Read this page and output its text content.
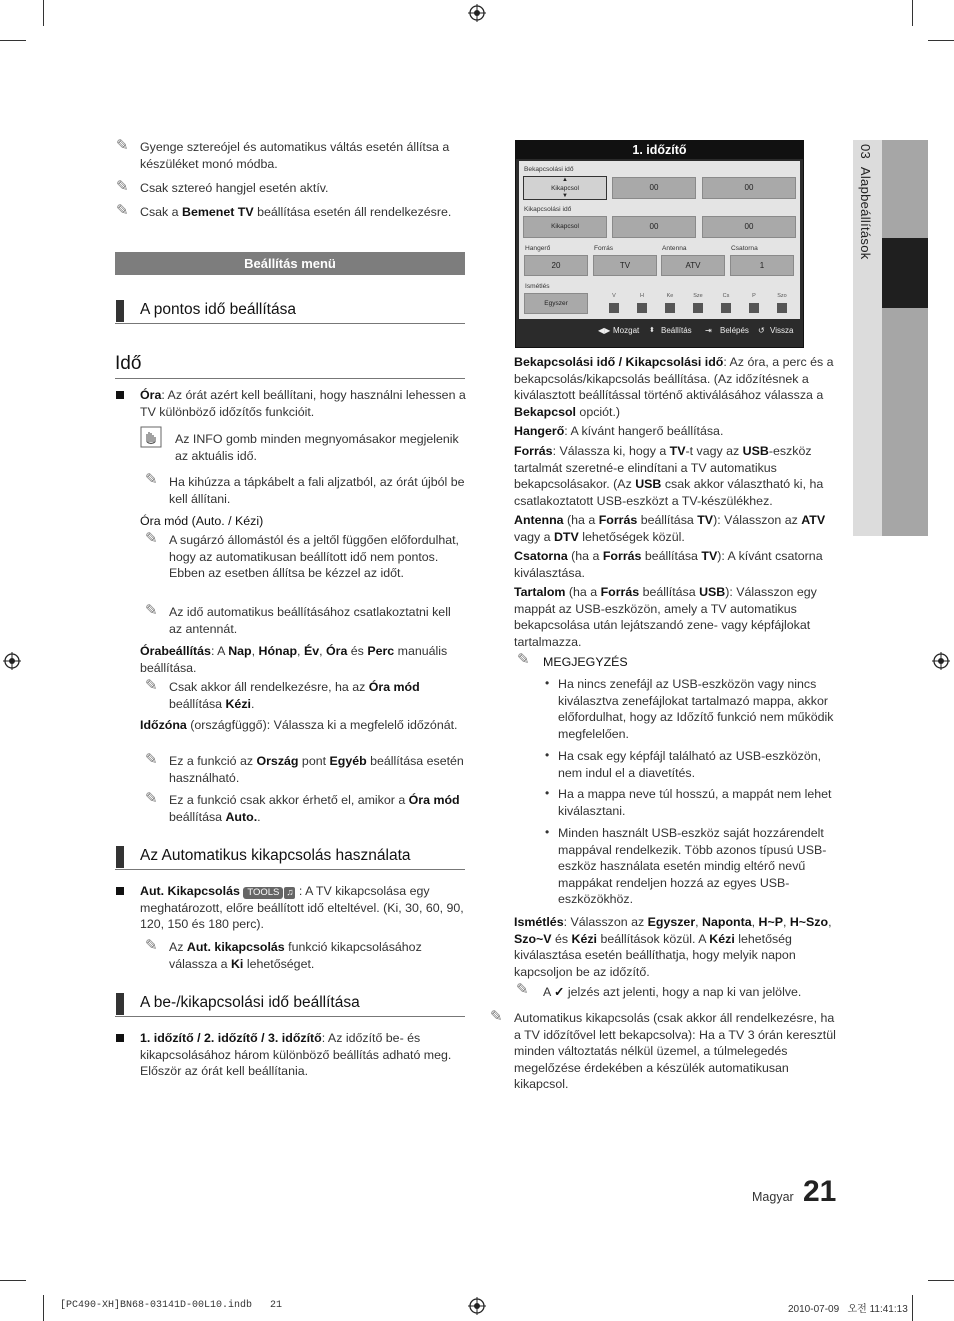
✎ Gyenge sztereójel és automatikus váltás esetén állítsa a készüléket monó módba.
✎ Csak sztereó hangjel esetén aktív.
✎ Csak a Bemenet TV beállítása esetén áll rendelkezésre.
Beállítás menü
A pontos idő beállítása
Idő
Óra: Az órát azért kell beállítani, hogy használni lehessen a TV különböző időzítős funkcióit.
Az INFO gomb minden megnyomásakor megjelenik az aktuális idő.
✎ Ha kihúzza a tápkábelt a fali aljzatból, az órát újból be kell állítani.
Óra mód (Auto. / Kézi)
✎ A sugárzó állomástól és a jeltől függően előfordulhat, hogy az automatikusan beállított idő nem pontos. Ebben az esetben állítsa be kézzel az időt.
✎ Az idő automatikus beállításához csatlakoztatni kell az antennát.
Órabeállítás: A Nap, Hónap, Év, Óra és Perc manuális beállítása.
✎ Csak akkor áll rendelkezésre, ha az Óra mód beállítása Kézi.
Időzóna (országfüggő): Válassza ki a megfelelő időzónát.
✎ Ez a funkció az Ország pont Egyéb beállítása esetén használható.
✎ Ez a funkció csak akkor érhető el, amikor a Óra mód beállítása Auto..
Az Automatikus kikapcsolás használata
Aut. Kikapcsolás TOOLS ♫ : A TV kikapcsolása egy meghatározott, előre beállított idő elteltével. (Ki, 30, 60, 90, 120, 150 és 180 perc).
✎ Az Aut. kikapcsolás funkció kikapcsolásához válassza a Ki lehetőséget.
A be-/kikapcsolási idő beállítása
1. időzítő / 2. időzítő / 3. időzítő: Az időzítő be- és kikapcsolásához három különböző beállítás adható meg. Először az órát kell beállítania.
1. időzítő
Bekapcsolási idő
Kikapcsol
▲
▼
00	00
Kikapcsolási idő
Kikapcsol	00	00
Hangerő	Forrás	Antenna	Csatorna
20	TV	ATV	1
Ismétlés
Egyszer
V	H	Ke	Sze	Cs	P	Szo
◀▶ Mozgat ⬍ Beállítás ⇥ Belépés ↺ Vissza
Bekapcsolási idő / Kikapcsolási idő: Az óra, a perc és a bekapcsolás/kikapcsolás beállítása. (Az időzítésnek a kiválasztott beállítással történő aktiválásához válassza a Bekapcsol opciót.)
Hangerő: A kívánt hangerő beállítása.
Forrás: Válassza ki, hogy a TV-t vagy az USB-eszköz tartalmát szeretné-e elindítani a TV automatikus bekapcsolásakor. (Az USB csak akkor választható ki, ha csatlakoztatott USB-eszközt a TV-készülékhez.
Antenna (ha a Forrás beállítása TV): Válasszon az ATV vagy a DTV lehetőségek közül.
Csatorna (ha a Forrás beállítása TV): A kívánt csatorna kiválasztása.
Tartalom (ha a Forrás beállítása USB): Válasszon egy mappát az USB-eszközön, amely a TV automatikus bekapcsolása után lejátszandó zene- vagy képfájlokat tartalmazza.
✎ MEGJEGYZÉS
• Ha nincs zenefájl az USB-eszközön vagy nincs kiválasztva zenefájlokat tartalmazó mappa, akkor előfordulhat, hogy az Időzítő funkció nem működik megfelelően.
• Ha csak egy képfájl található az USB-eszközön, nem indul el a diavetítés.
• Ha a mappa neve túl hosszú, a mappát nem lehet kiválasztani.
• Minden használt USB-eszköz saját hozzárendelt mappával rendelkezik. Több azonos típusú USB-eszköz használata esetén mindig eltérő nevű mappákat rendeljen hozzá az egyes USB-eszközökhöz.
Ismétlés: Válasszon az Egyszer, Naponta, H~P, H~Szo, Szo~V és Kézi beállítások közül. A Kézi lehetőség kiválasztása esetén beállíthatja, hogy melyik napon kapcsoljon be az időzítő.
✎ A ✓ jelzés azt jelenti, hogy a nap ki van jelölve.
✎ Automatikus kikapcsolás (csak akkor áll rendelkezésre, ha a TV időzítővel lett bekapcsolva): Ha a TV 3 órán keresztül minden változtatás nélkül üzemel, a túlmelegedés megelőzése érdekében a készülék automatikusan kikapcsol.
03  Alapbeállítások
Magyar 21
[PC490-XH]BN68-03141D-00L10.indb   21	2010-07-09   오전 11:41:13
